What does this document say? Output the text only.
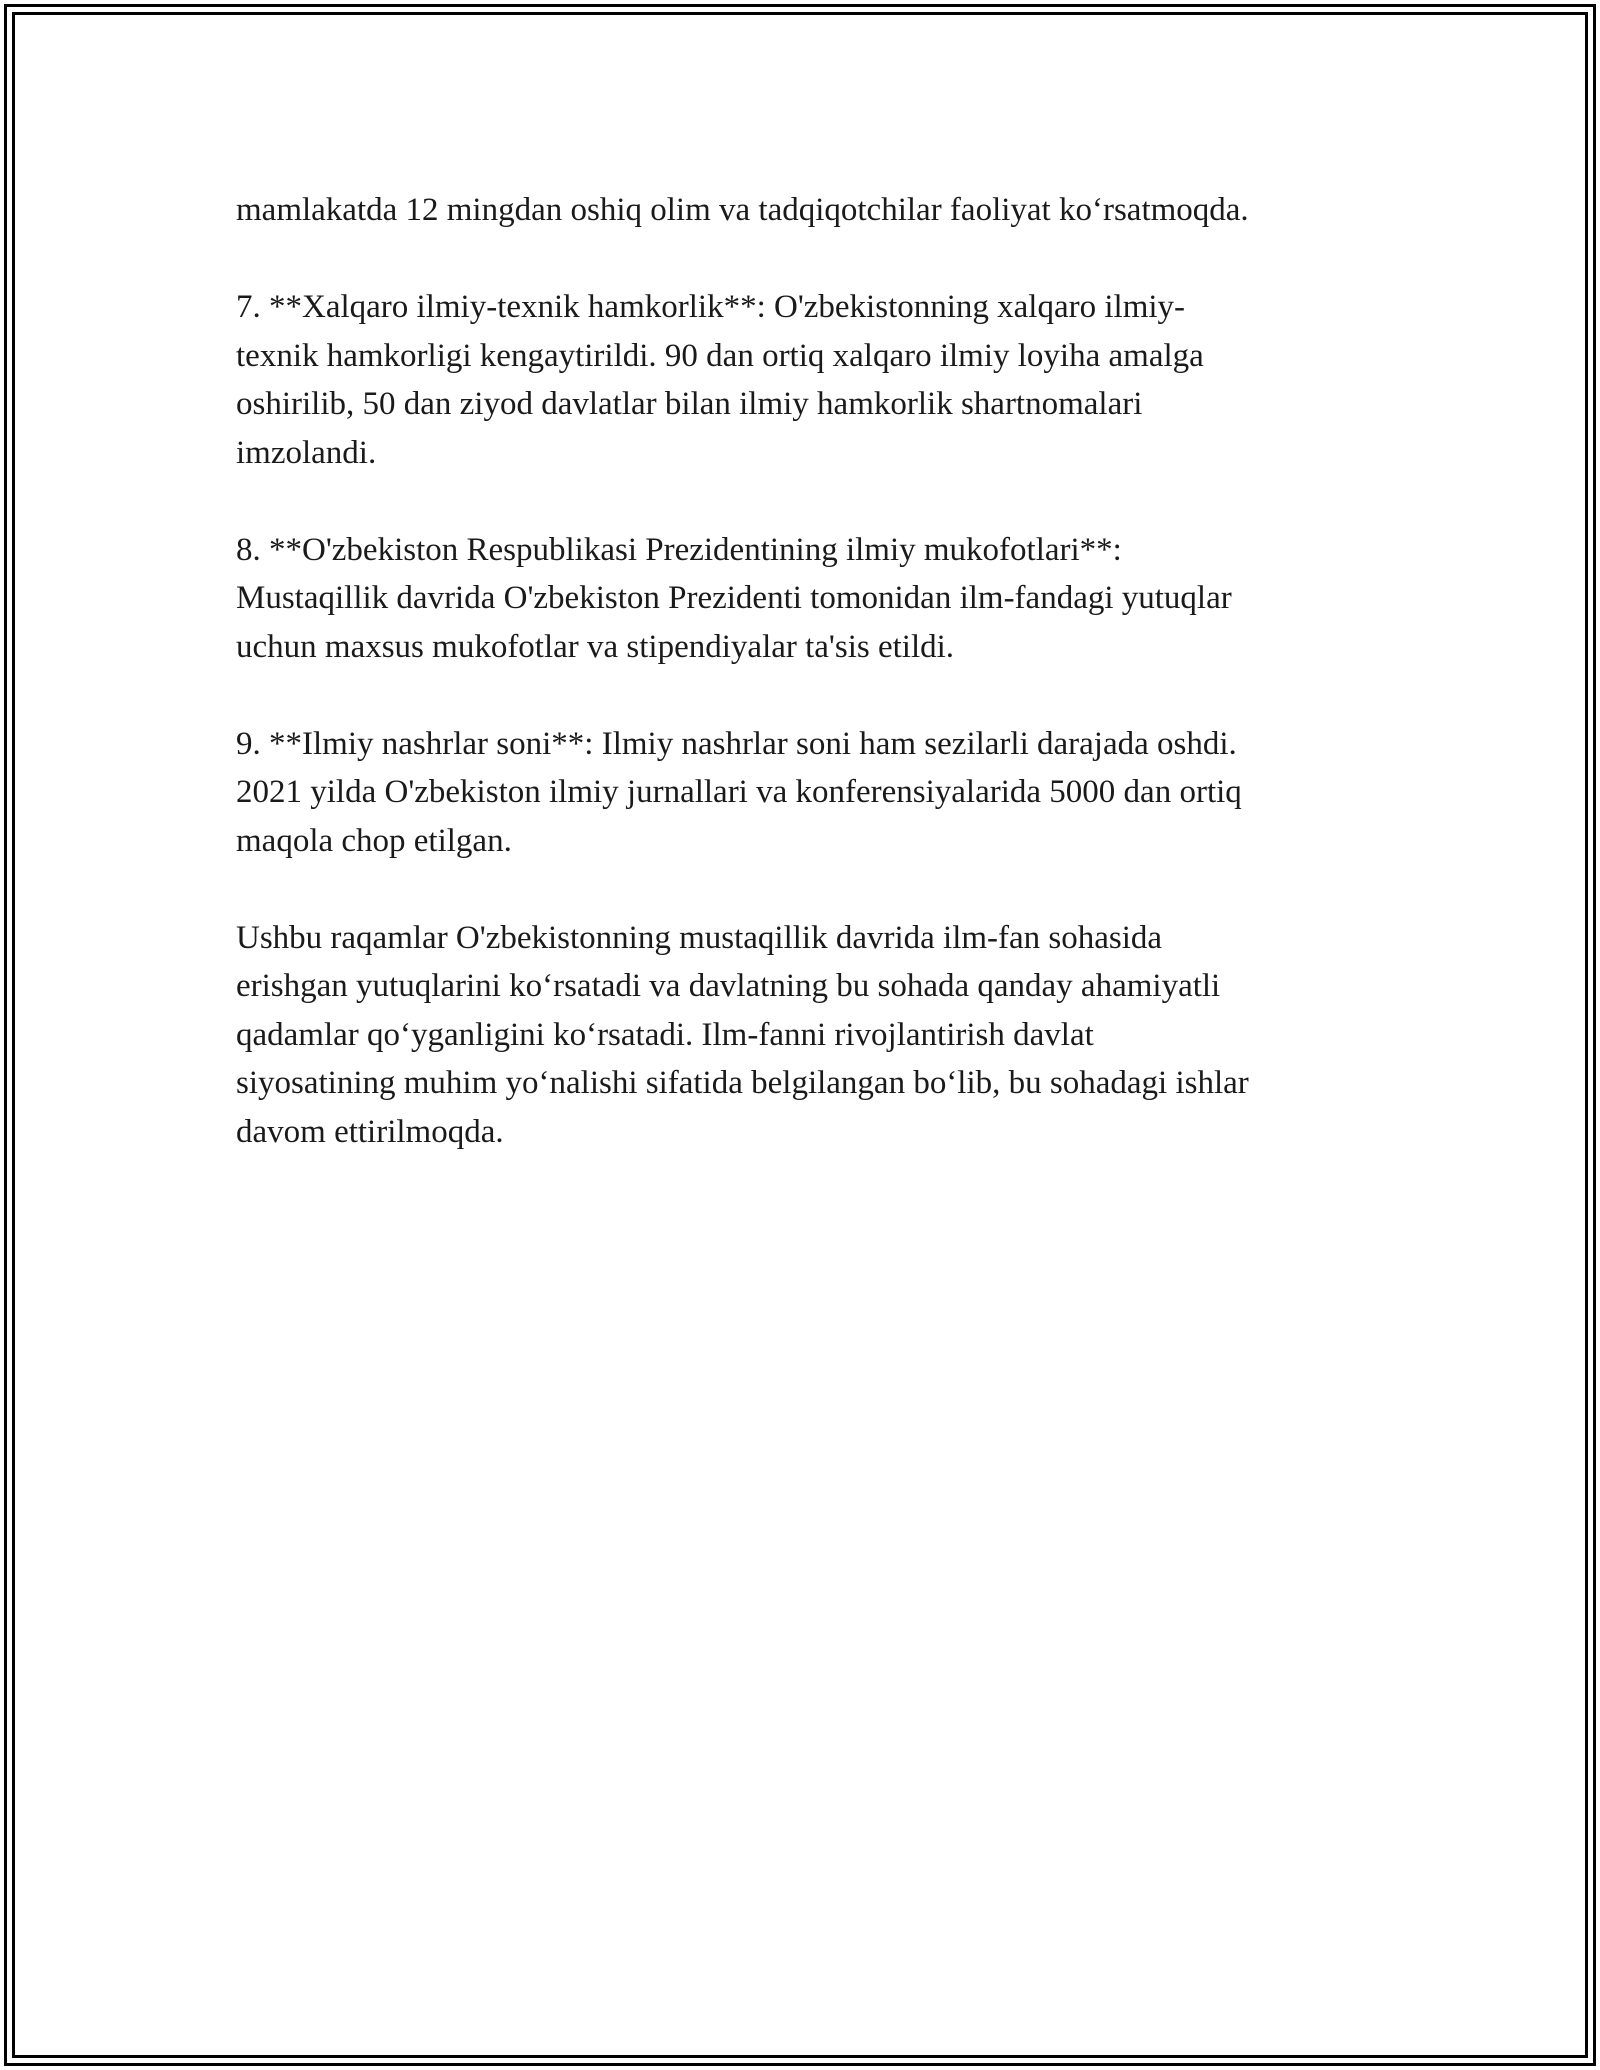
mamlakatda 12 mingdan oshiq olim va tadqiqotchilar faoliyat ko‘rsatmoqda.

7. **Xalqaro ilmiy-texnik hamkorlik**: O'zbekistonning xalqaro ilmiy-
texnik hamkorligi kengaytirildi. 90 dan ortiq xalqaro ilmiy loyiha amalga
oshirilib, 50 dan ziyod davlatlar bilan ilmiy hamkorlik shartnomalari
imzolandi.

8. **O'zbekiston Respublikasi Prezidentining ilmiy mukofotlari**:
Mustaqillik davrida O'zbekiston Prezidenti tomonidan ilm-fandagi yutuqlar
uchun maxsus mukofotlar va stipendiyalar ta'sis etildi.

9. **Ilmiy nashrlar soni**: Ilmiy nashrlar soni ham sezilarli darajada oshdi.
2021 yilda O'zbekiston ilmiy jurnallari va konferensiyalarida 5000 dan ortiq
maqola chop etilgan.

Ushbu raqamlar O'zbekistonning mustaqillik davrida ilm-fan sohasida
erishgan yutuqlarini ko‘rsatadi va davlatning bu sohada qanday ahamiyatli
qadamlar qo‘yganligini ko‘rsatadi. Ilm-fanni rivojlantirish davlat
siyosatining muhim yo‘nalishi sifatida belgilangan bo‘lib, bu sohadagi ishlar
davom ettirilmoqda.
